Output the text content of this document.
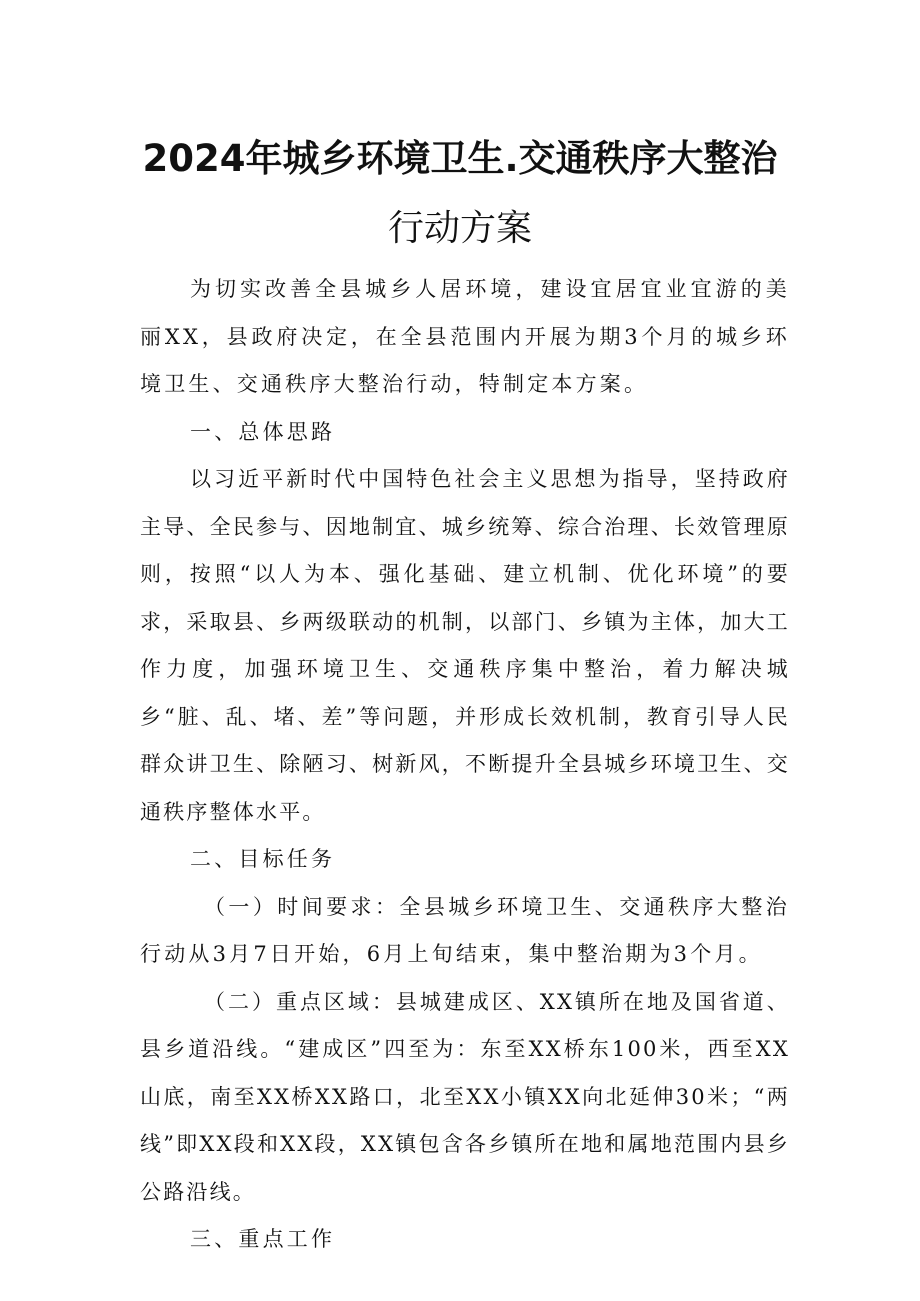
2024年城乡环境卫生.交通秩序大整治
行动方案

为切实改善全县城乡人居环境，建设宜居宜业宜游的美丽XX，县政府决定，在全县范围内开展为期3个月的城乡环境卫生、交通秩序大整治行动，特制定本方案。

一、总体思路

以习近平新时代中国特色社会主义思想为指导，坚持政府主导、全民参与、因地制宜、城乡统筹、综合治理、长效管理原则，按照“以人为本、强化基础、建立机制、优化环境”的要求，采取县、乡两级联动的机制，以部门、乡镇为主体，加大工作力度，加强环境卫生、交通秩序集中整治，着力解决城乡“脏、乱、堵、差”等问题，并形成长效机制，教育引导人民群众讲卫生、除陋习、树新风，不断提升全县城乡环境卫生、交通秩序整体水平。

二、目标任务

（一）时间要求：全县城乡环境卫生、交通秩序大整治行动从3月7日开始，6月上旬结束，集中整治期为3个月。

（二）重点区域：县城建成区、XX镇所在地及国省道、县乡道沿线。“建成区”四至为：东至XX桥东100米，西至XX山底，南至XX桥XX路口，北至XX小镇XX向北延伸30米；“两线”即XX段和XX段，XX镇包含各乡镇所在地和属地范围内县乡公路沿线。

三、重点工作
